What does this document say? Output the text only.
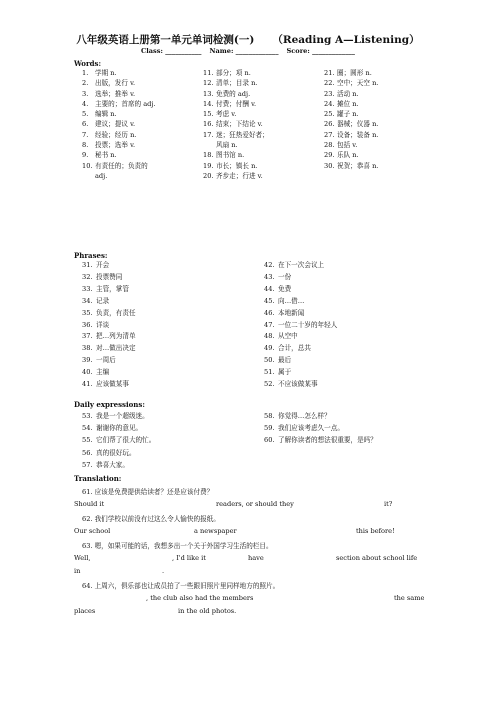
八年级英语上册第一单元单词检测(一) （Reading A—Listening）
Class: ___________ Name: _____________ Score: _____________
Words:
1.	学期 n.
2.	出版，发行 v.
3.	选举；推举 v.
4.	主要的；首席的 adj.
5.	编辑 n.
6.	建议；提议 v.
7.	经验；经历 n.
8.	投票；选举 v.
9.	秘书 n.
10. 有责任的；负责的 adj.
11. 部分；项 n.
12. 清单；目录 n.
13. 免费的 adj.
14. 付费；付酬 v.
15. 考虑 v.
16. 结束；下结论 v.
17. 迷；狂热爱好者；风扇 n.
18. 图书馆 n.
19. 市长；镇长 n.
20. 齐步走；行进 v.
21. 圈；圆形 n.
22. 空中；天空 n.
23. 活动 n.
24. 摊位 n.
25. 罐子 n.
26. 器械；仪器 n.
27. 设备；装备 n.
28. 包括 v.
29. 乐队 n.
30. 祝贺；恭喜 n.
Phrases:
31. 开会
32. 投票赞同
33. 主管，掌管
34. 记录
35. 负责，有责任
36. 详谈
37. 把…列为清单
38. 对…做出决定
39. 一周后
40. 主编
41. 应该做某事
42. 在下一次会议上
43. 一份
44. 免费
45. 向…借…
46. 本地新闻
47. 一位二十岁的年轻人
48. 从空中
49. 合计，总共
50. 最后
51. 属于
52. 不应该做某事
Daily expressions:
53. 我是一个超级迷。
54. 谢谢你的意见。
55. 它们帮了很大的忙。
56. 真的很好玩。
57. 恭喜大家。
58. 你觉得…怎么样？
59. 我们应该考虑久一点。
60. 了解你读者的想法很重要，是吗？
Translation:
61. 应该是免费提供给读者？还是应该付费？
Should it	readers, or should they	it?
62. 我们学校以前没有过这么令人愉快的报纸。
Our school	a newspaper	this before!
63. 嗯，如果可能的话，我想多出一个关于外国学习生活的栏目。
Well,	, I'd like it	have	section about school life
in	.
64. 上周六，俱乐部也让成员拍了一些跟旧照片里同样地方的照片。
, the club also had the members	the same
places	in the old photos.
